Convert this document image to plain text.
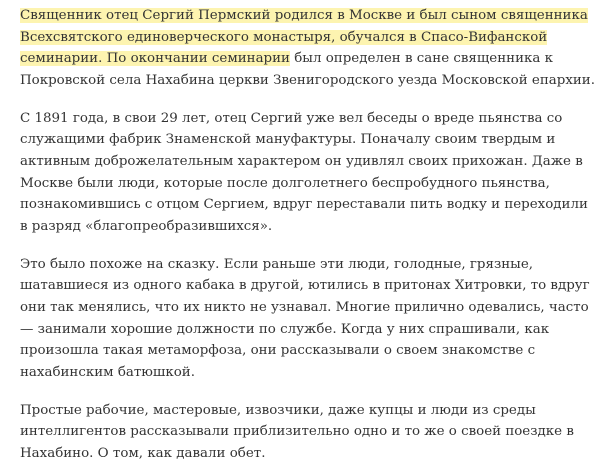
Священник отец Сергий Пермский родился в Москве и был сыном священника Всехсвятского единоверческого монастыря, обучался в Спасо-Вифанской семинарии. По окончании семинарии был определен в сане священника к Покровской села Нахабина церкви Звенигородского уезда Московской епархии.

С 1891 года, в свои 29 лет, отец Сергий уже вел беседы о вреде пьянства со служащими фабрик Знаменской мануфактуры. Поначалу своим твердым и активным доброжелательным характером он удивлял своих прихожан. Даже в Москве были люди, которые после долголетнего беспробудного пьянства, познакомившись с отцом Сергием, вдруг переставали пить водку и переходили в разряд «благопреобразившихся».

Это было похоже на сказку. Если раньше эти люди, голодные, грязные, шатавшиеся из одного кабака в другой, ютились в притонах Хитровки, то вдруг они так менялись, что их никто не узнавал. Многие прилично одевались, часто — занимали хорошие должности по службе. Когда у них спрашивали, как произошла такая метаморфоза, они рассказывали о своем знакомстве с нахабинским батюшкой.

Простые рабочие, мастеровые, извозчики, даже купцы и люди из среды интеллигентов рассказывали приблизительно одно и то же о своей поездке в Нахабино. О том, как давали обет.
